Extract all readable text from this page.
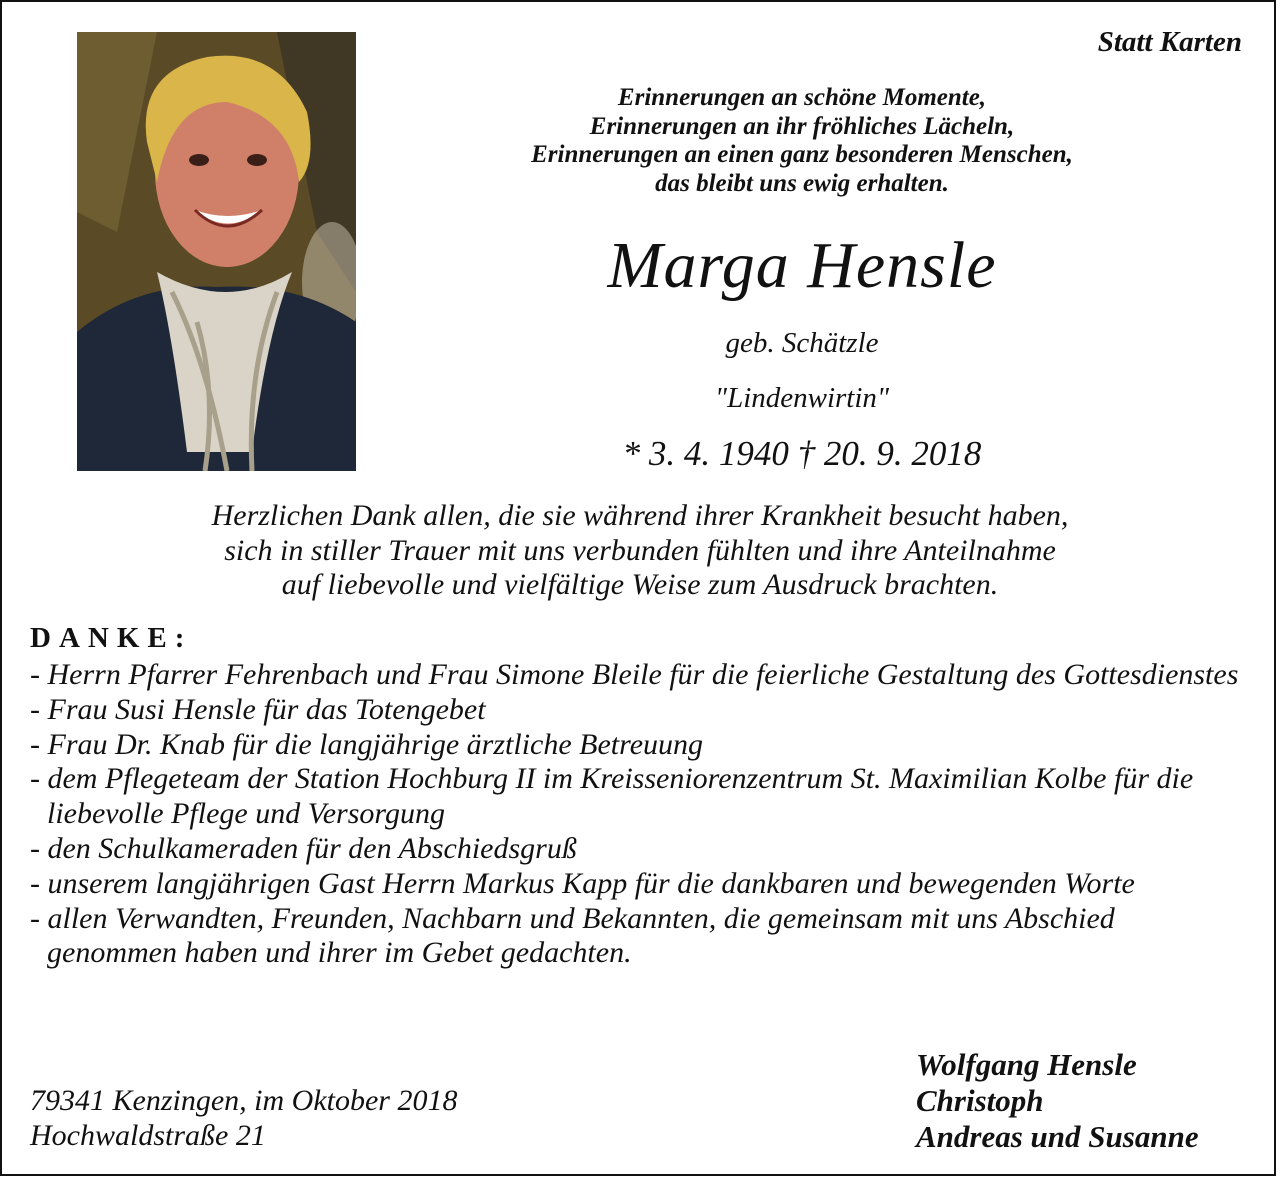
Statt Karten
Erinnerungen an schöne Momente,
Erinnerungen an ihr fröhliches Lächeln,
Erinnerungen an einen ganz besonderen Menschen,
das bleibt uns ewig erhalten.
Marga Hensle
geb. Schätzle
"Lindenwirtin"
* 3. 4. 1940 † 20. 9. 2018
Herzlichen Dank allen, die sie während ihrer Krankheit besucht haben,
sich in stiller Trauer mit uns verbunden fühlten und ihre Anteilnahme
auf liebevolle und vielfältige Weise zum Ausdruck brachten.
DANKE:
- Herrn Pfarrer Fehrenbach und Frau Simone Bleile für die feierliche Gestaltung des Gottesdienstes
- Frau Susi Hensle für das Totengebet
- Frau Dr. Knab für die langjährige ärztliche Betreuung
- dem Pflegeteam der Station Hochburg II im Kreisseniorenzentrum St. Maximilian Kolbe für die liebevolle Pflege und Versorgung
- den Schulkameraden für den Abschiedsgruß
- unserem langjährigen Gast Herrn Markus Kapp für die dankbaren und bewegenden Worte
- allen Verwandten, Freunden, Nachbarn und Bekannten, die gemeinsam mit uns Abschied genommen haben und ihrer im Gebet gedachten.
79341 Kenzingen, im Oktober 2018
Hochwaldstraße 21
Wolfgang Hensle
Christoph
Andreas und Susanne
